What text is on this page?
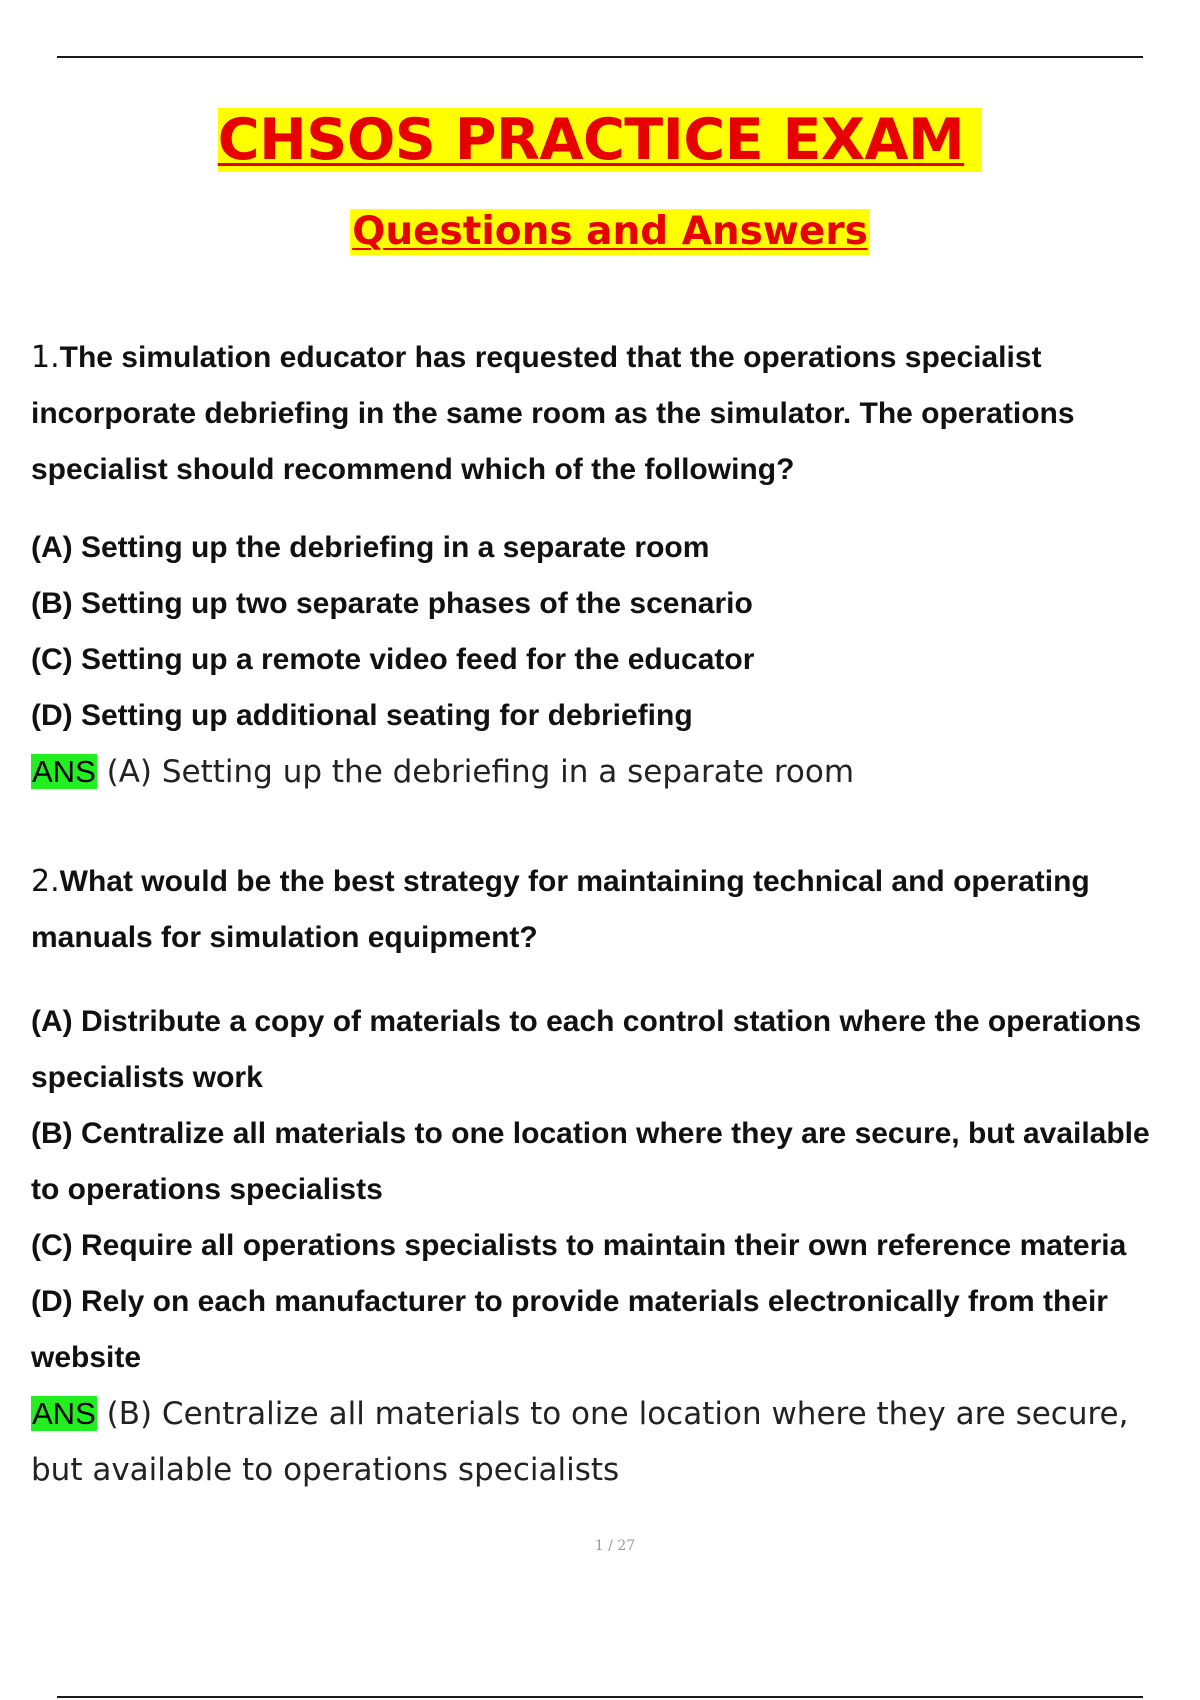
CHSOS PRACTICE EXAM
Questions and Answers

1.The simulation educator has requested that the operations specialist incorporate debriefing in the same room as the simulator. The operations specialist should recommend which of the following?

(A) Setting up the debriefing in a separate room
(B) Setting up two separate phases of the scenario
(C) Setting up a remote video feed for the educator
(D) Setting up additional seating for debriefing
ANS (A) Setting up the debriefing in a separate room

2.What would be the best strategy for maintaining technical and operating manuals for simulation equipment?

(A) Distribute a copy of materials to each control station where the operations specialists work
(B) Centralize all materials to one location where they are secure, but available to operations specialists
(C) Require all operations specialists to maintain their own reference materia
(D) Rely on each manufacturer to provide materials electronically from their website
ANS (B) Centralize all materials to one location where they are secure, but available to operations specialists
1 / 27
